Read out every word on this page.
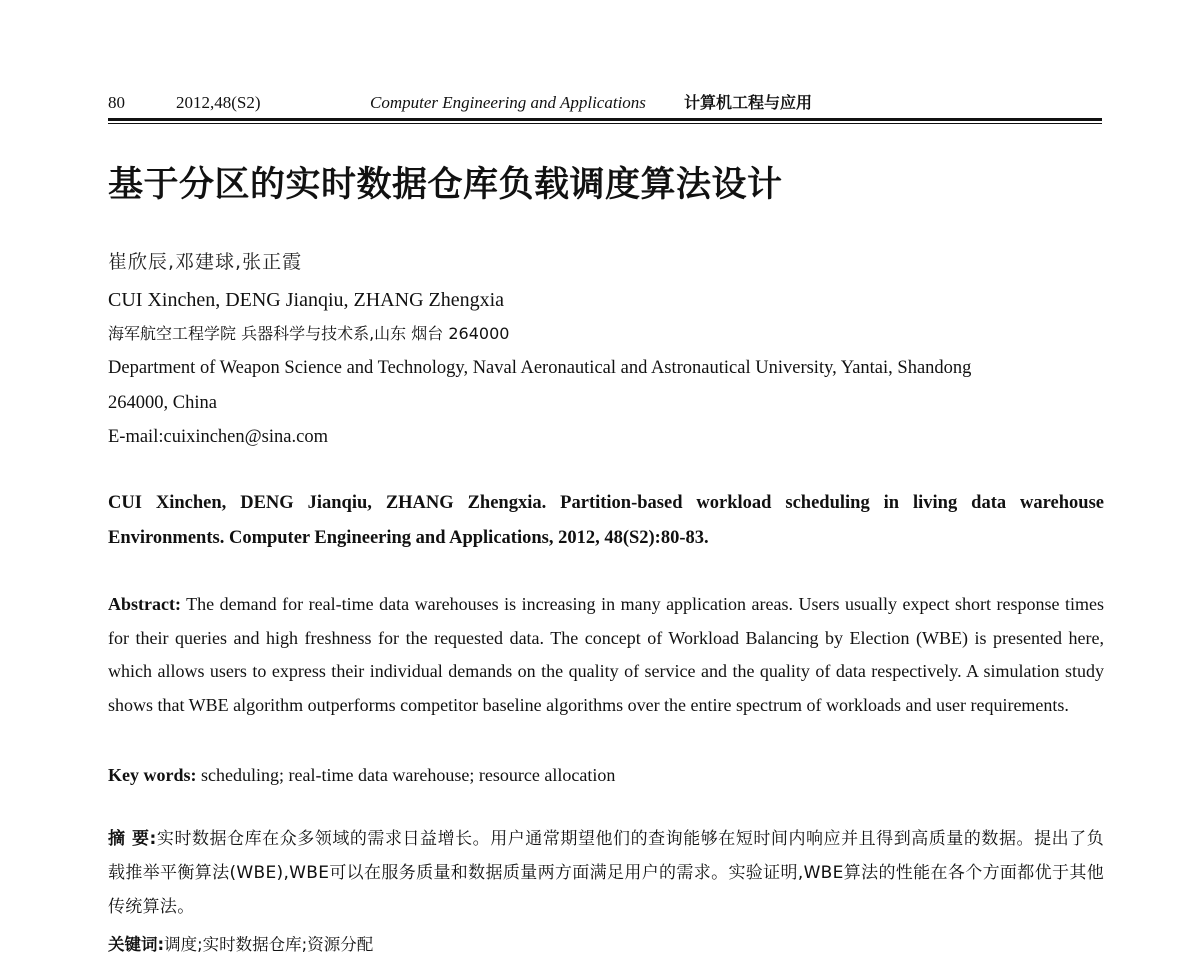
80	2012,48(S2)	Computer Engineering and Applications 计算机工程与应用
基于分区的实时数据仓库负载调度算法设计
崔欣辰,邓建球,张正霞
CUI Xinchen, DENG Jianqiu, ZHANG Zhengxia
海军航空工程学院 兵器科学与技术系,山东 烟台 264000
Department of Weapon Science and Technology, Naval Aeronautical and Astronautical University, Yantai, Shandong
264000, China
E-mail:cuixinchen@sina.com
CUI Xinchen, DENG Jianqiu, ZHANG Zhengxia. Partition-based workload scheduling in living data warehouse Environments. Computer Engineering and Applications, 2012, 48(S2):80-83.
Abstract: The demand for real-time data warehouses is increasing in many application areas. Users usually expect short response times for their queries and high freshness for the requested data. The concept of Workload Balancing by Election (WBE) is presented here, which allows users to express their individual demands on the quality of service and the quality of data respectively. A simulation study shows that WBE algorithm outperforms competitor baseline algorithms over the entire spectrum of workloads and user requirements.
Key words: scheduling; real-time data warehouse; resource allocation
摘 要:实时数据仓库在众多领域的需求日益增长。用户通常期望他们的查询能够在短时间内响应并且得到高质量的数据。提出了负载推举平衡算法(WBE),WBE可以在服务质量和数据质量两方面满足用户的需求。实验证明,WBE算法的性能在各个方面都优于其他传统算法。
关键词:调度;实时数据仓库;资源分配
